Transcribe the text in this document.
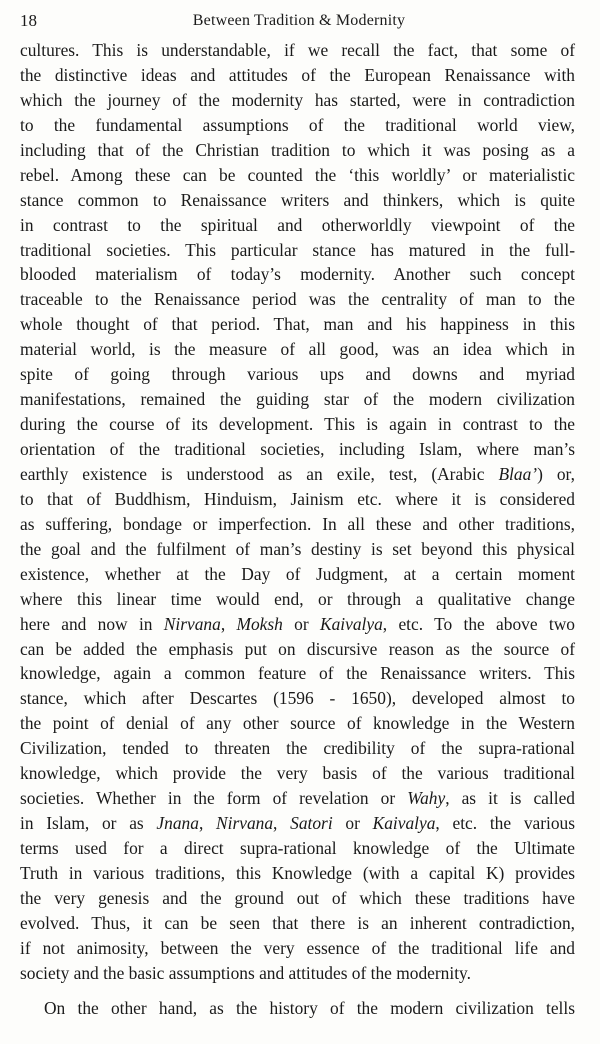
18	Between Tradition & Modernity
cultures. This is understandable, if we recall the fact, that some of
the distinctive ideas and attitudes of the European Renaissance with
which the journey of the modernity has started, were in contradiction
to the fundamental assumptions of the traditional world view,
including that of the Christian tradition to which it was posing as a
rebel. Among these can be counted the ‘this worldly’ or materialistic
stance common to Renaissance writers and thinkers, which is quite
in contrast to the spiritual and otherworldly viewpoint of the
traditional societies. This particular stance has matured in the full-
blooded materialism of today’s modernity. Another such concept
traceable to the Renaissance period was the centrality of man to the
whole thought of that period. That, man and his happiness in this
material world, is the measure of all good, was an idea which in
spite of going through various ups and downs and myriad
manifestations, remained the guiding star of the modern civilization
during the course of its development. This is again in contrast to the
orientation of the traditional societies, including Islam, where man’s
earthly existence is understood as an exile, test, (Arabic Blaa’) or,
to that of Buddhism, Hinduism, Jainism etc. where it is considered
as suffering, bondage or imperfection. In all these and other traditions,
the goal and the fulfilment of man’s destiny is set beyond this physical
existence, whether at the Day of Judgment, at a certain moment
where this linear time would end, or through a qualitative change
here and now in Nirvana, Moksh or Kaivalya, etc. To the above two
can be added the emphasis put on discursive reason as the source of
knowledge, again a common feature of the Renaissance writers. This
stance, which after Descartes (1596 - 1650), developed almost to
the point of denial of any other source of knowledge in the Western
Civilization, tended to threaten the credibility of the supra-rational
knowledge, which provide the very basis of the various traditional
societies. Whether in the form of revelation or Wahy, as it is called
in Islam, or as Jnana, Nirvana, Satori or Kaivalya, etc. the various
terms used for a direct supra-rational knowledge of the Ultimate
Truth in various traditions, this Knowledge (with a capital K) provides
the very genesis and the ground out of which these traditions have
evolved. Thus, it can be seen that there is an inherent contradiction,
if not animosity, between the very essence of the traditional life and
society and the basic assumptions and attitudes of the modernity.
On the other hand, as the history of the modern civilization tells
